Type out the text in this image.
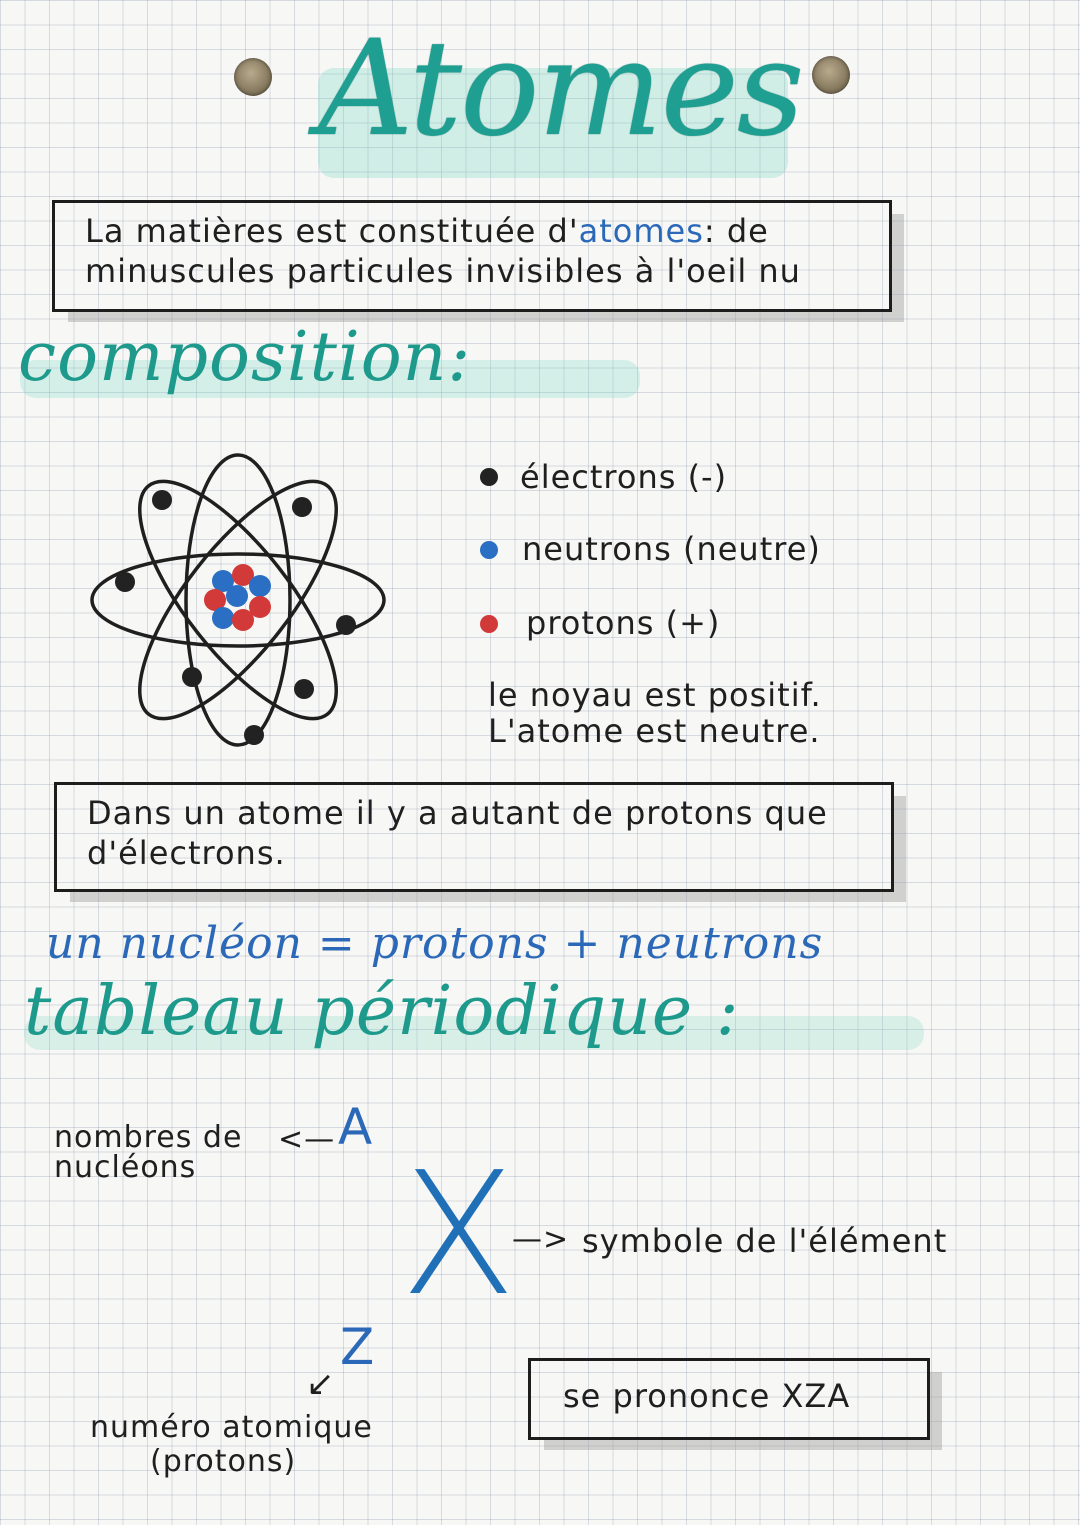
Atomes
La matières est constituée d'atomes: de minuscules particules invisibles à l'oeil nu
composition:
électrons (-)
neutrons (neutre)
protons (+)
le noyau est positif.
L'atome est neutre.
Dans un atome il y a autant de protons que d'électrons.
un nucléon = protons + neutrons
tableau périodique :
nombres de
nucléons
<— A
X
—> symbole de l'élément
Z
↙
numéro atomique
(protons)
se prononce XZA
